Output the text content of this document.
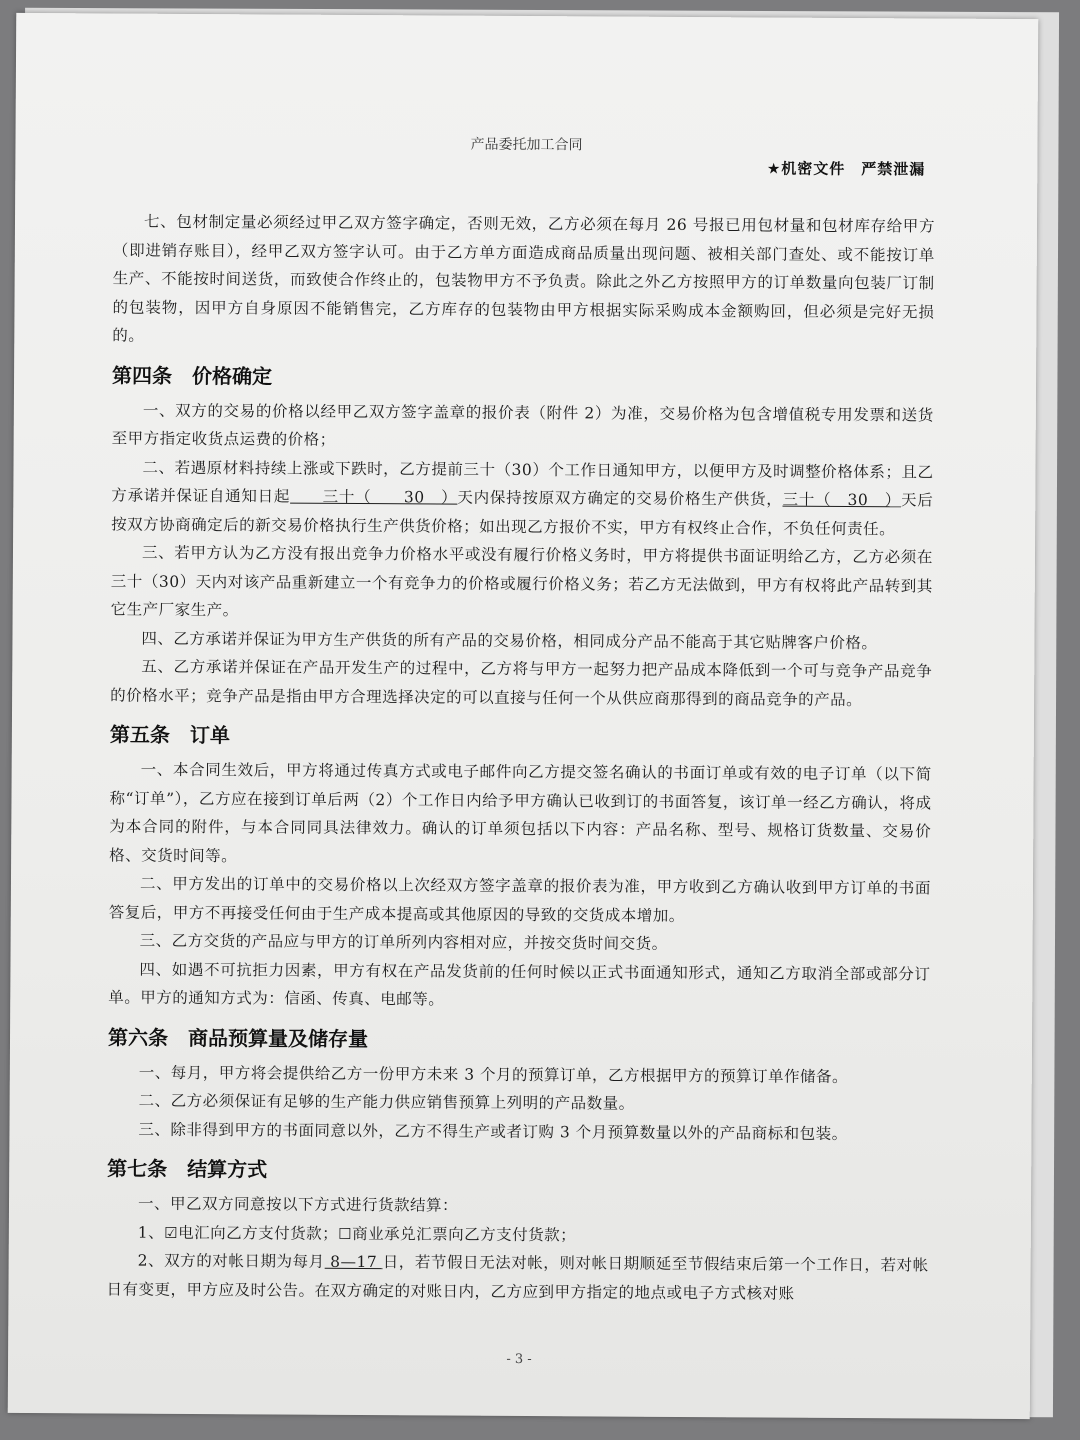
产品委托加工合同
★机密文件　严禁泄漏

七、包材制定量必须经过甲乙双方签字确定，否则无效，乙方必须在每月 26 号报已用包材量和包材库存给甲方（即进销存账目），经甲乙双方签字认可。由于乙方单方面造成商品质量出现问题、被相关部门查处、或不能按订单生产、不能按时间送货，而致使合作终止的，包装物甲方不予负责。除此之外乙方按照甲方的订单数量向包装厂订制的包装物，因甲方自身原因不能销售完，乙方库存的包装物由甲方根据实际采购成本金额购回，但必须是完好无损的。

第四条　价格确定

一、双方的交易的价格以经甲乙双方签字盖章的报价表（附件 2）为准，交易价格为包含增值税专用发票和送货至甲方指定收货点运费的价格；

二、若遇原材料持续上涨或下跌时，乙方提前三十（30）个工作日通知甲方，以便甲方及时调整价格体系；且乙方承诺并保证自通知日起　　三十（　　30　）天内保持按原双方确定的交易价格生产供货，三十（　30　）天后按双方协商确定后的新交易价格执行生产供货价格；如出现乙方报价不实，甲方有权终止合作，不负任何责任。

三、若甲方认为乙方没有报出竞争力价格水平或没有履行价格义务时，甲方将提供书面证明给乙方，乙方必须在三十（30）天内对该产品重新建立一个有竞争力的价格或履行价格义务；若乙方无法做到，甲方有权将此产品转到其它生产厂家生产。

四、乙方承诺并保证为甲方生产供货的所有产品的交易价格，相同成分产品不能高于其它贴牌客户价格。

五、乙方承诺并保证在产品开发生产的过程中，乙方将与甲方一起努力把产品成本降低到一个可与竞争产品竞争的价格水平；竞争产品是指由甲方合理选择决定的可以直接与任何一个从供应商那得到的商品竞争的产品。

第五条　订单

一、本合同生效后，甲方将通过传真方式或电子邮件向乙方提交签名确认的书面订单或有效的电子订单（以下简称“订单”），乙方应在接到订单后两（2）个工作日内给予甲方确认已收到订的书面答复，该订单一经乙方确认，将成为本合同的附件，与本合同同具法律效力。确认的订单须包括以下内容：产品名称、型号、规格订货数量、交易价格、交货时间等。

二、甲方发出的订单中的交易价格以上次经双方签字盖章的报价表为准，甲方收到乙方确认收到甲方订单的书面答复后，甲方不再接受任何由于生产成本提高或其他原因的导致的交货成本增加。

三、乙方交货的产品应与甲方的订单所列内容相对应，并按交货时间交货。

四、如遇不可抗拒力因素，甲方有权在产品发货前的任何时候以正式书面通知形式，通知乙方取消全部或部分订单。甲方的通知方式为：信函、传真、电邮等。

第六条　商品预算量及储存量

一、每月，甲方将会提供给乙方一份甲方未来 3 个月的预算订单，乙方根据甲方的预算订单作储备。

二、乙方必须保证有足够的生产能力供应销售预算上列明的产品数量。

三、除非得到甲方的书面同意以外，乙方不得生产或者订购 3 个月预算数量以外的产品商标和包装。

第七条　结算方式

一、甲乙双方同意按以下方式进行货款结算：

1、☑电汇向乙方支付货款；☐商业承兑汇票向乙方支付货款；

2、双方的对帐日期为每月 8—17 日，若节假日无法对帐，则对帐日期顺延至节假结束后第一个工作日，若对帐日有变更，甲方应及时公告。在双方确定的对账日内，乙方应到甲方指定的地点或电子方式核对账

- 3 -
